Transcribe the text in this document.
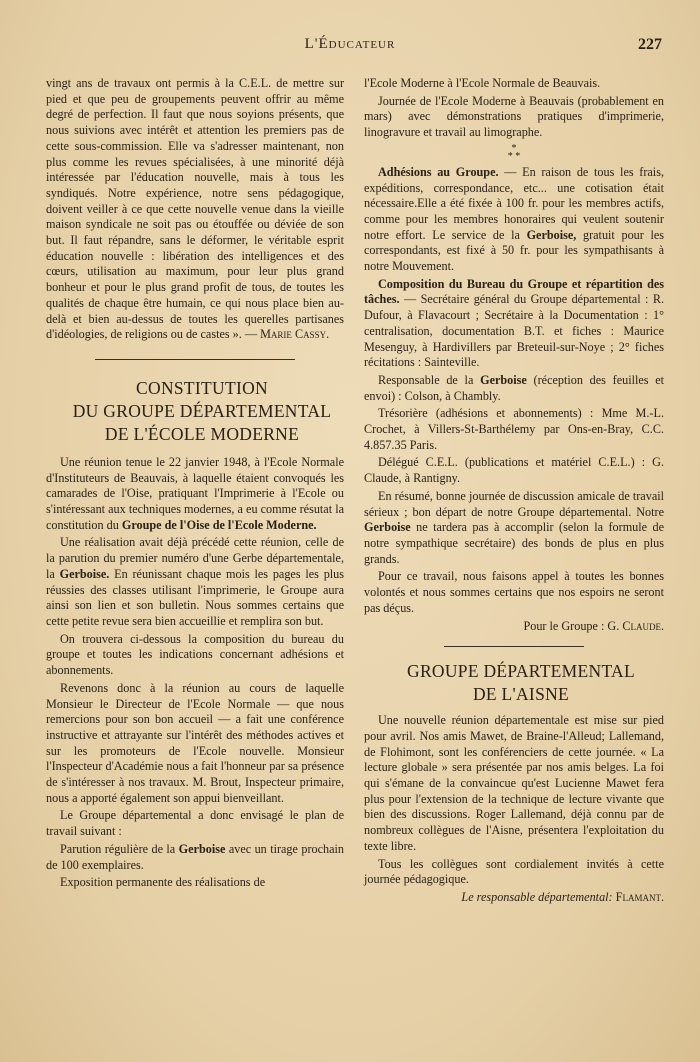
L'Éducateur	227

vingt ans de travaux ont permis à la C.E.L. de mettre sur pied et que peu de groupements peuvent offrir au même degré de perfection. Il faut que nous soyions présents, que nous suivions avec intérêt et attention les premiers pas de cette sous-commission. Elle va s'adresser maintenant, non plus comme les revues spécialisées, à une minorité déjà intéressée par l'éducation nouvelle, mais à tous les syndiqués. Notre expérience, notre sens pédagogique, doivent veiller à ce que cette nouvelle venue dans la vieille maison syndicale ne soit pas ou étouffée ou déviée de son but. Il faut répandre, sans le déformer, le véritable esprit éducation nouvelle : libération des intelligences et des cœurs, utilisation au maximum, pour leur plus grand bonheur et pour le plus grand profit de tous, de toutes les qualités de chaque être humain, ce qui nous place bien au-delà et bien au-dessus de toutes les querelles partisanes d'idéologies, de religions ou de castes ». — Marie Cassy.

CONSTITUTION

DU GROUPE DÉPARTEMENTAL

DE L'ÉCOLE MODERNE

Une réunion tenue le 22 janvier 1948, à l'Ecole Normale d'Instituteurs de Beauvais, à laquelle étaient convoqués les camarades de l'Oise, pratiquant l'Imprimerie à l'Ecole ou s'intéressant aux techniques modernes, a eu comme résutat la constitution du Groupe de l'Oise de l'Ecole Moderne.

Une réalisation avait déjà précédé cette réunion, celle de la parution du premier numéro d'une Gerbe départementale, la Gerboise. En réunissant chaque mois les pages les plus réussies des classes utilisant l'imprimerie, le Groupe aura ainsi son lien et son bulletin. Nous sommes certains que cette petite revue sera bien accueillie et remplira son but.

On trouvera ci-dessous la composition du bureau du groupe et toutes les indications concernant adhésions et abonnements.

Revenons donc à la réunion au cours de laquelle Monsieur le Directeur de l'Ecole Normale — que nous remercions pour son bon accueil — a fait une conférence instructive et attrayante sur l'intérêt des méthodes actives et sur les promoteurs de l'Ecole nouvelle. Monsieur l'Inspecteur d'Académie nous a fait l'honneur par sa présence de s'intéresser à nos travaux. M. Brout, Inspecteur primaire, nous a apporté également son appui bienveillant.

Le Groupe départemental a donc envisagé le plan de travail suivant :

Parution régulière de la Gerboise avec un tirage prochain de 100 exemplaires.

Exposition permanente des réalisations de

l'Ecole Moderne à l'Ecole Normale de Beauvais.

Journée de l'Ecole Moderne à Beauvais (probablement en mars) avec démonstrations pratiques d'imprimerie, linogravure et travail au limographe.

*
* *

Adhésions au Groupe. — En raison de tous les frais, expéditions, correspondance, etc... une cotisation était nécessaire.Elle a été fixée à 100 fr. pour les membres actifs, comme pour les membres honoraires qui veulent soutenir notre effort. Le service de la Gerboise, gratuit pour les correspondants, est fixé à 50 fr. pour les sympathisants à notre Mouvement.

Composition du Bureau du Groupe et répartition des tâches. — Secrétaire général du Groupe départemental : R. Dufour, à Flavacourt ; Secrétaire à la Documentation : 1° centralisation, documentation B.T. et fiches : Maurice Mesenguy, à Hardivillers par Breteuil-sur-Noye ; 2° fiches récitations : Sainteville.

Responsable de la Gerboise (réception des feuilles et envoi) : Colson, à Chambly.

Trésorière (adhésions et abonnements) : Mme M.-L. Crochet, à Villers-St-Barthélemy par Ons-en-Bray, C.C. 4.857.35 Paris.

Délégué C.E.L. (publications et matériel C.E.L.) : G. Claude, à Rantigny.

En résumé, bonne journée de discussion amicale de travail sérieux ; bon départ de notre Groupe départemental. Notre Gerboise ne tardera pas à accomplir (selon la formule de notre sympathique secrétaire) des bonds de plus en plus grands.

Pour ce travail, nous faisons appel à toutes les bonnes volontés et nous sommes certains que nos espoirs ne seront pas déçus.

Pour le Groupe : G. Claude.

GROUPE DÉPARTEMENTAL

DE L'AISNE

Une nouvelle réunion départementale est mise sur pied pour avril. Nos amis Mawet, de Braine-l'Alleud; Lallemand, de Flohimont, sont les conférenciers de cette journée. « La lecture globale » sera présentée par nos amis belges. La foi qui s'émane de la convaincue qu'est Lucienne Mawet fera plus pour l'extension de la technique de lecture vivante que bien des discussions. Roger Lallemand, déjà connu par de nombreux collègues de l'Aisne, présentera l'exploitation du texte libre.

Tous les collègues sont cordialement invités à cette journée pédagogique.

Le responsable départemental: Flamant.
